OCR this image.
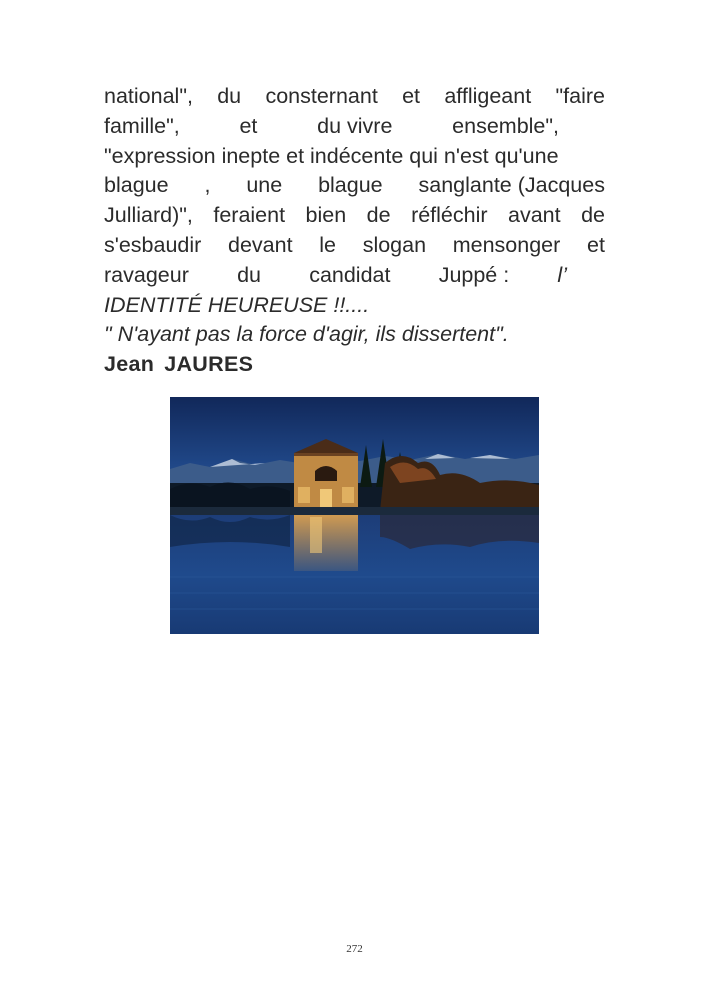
national", du consternant et affligeant "faire
famille",	et	du vivre	ensemble",
"expression inepte et indécente qui n'est qu'une
blague , une blague sanglante (Jacques
Julliard)", feraient bien de réfléchir avant de
s'esbaudir devant le slogan mensonger et
ravageur du candidat Juppé : l’
IDENTITÉ HEUREUSE !!....
" N'ayant pas la force d'agir, ils dissertent".
Jean JAURES
272
